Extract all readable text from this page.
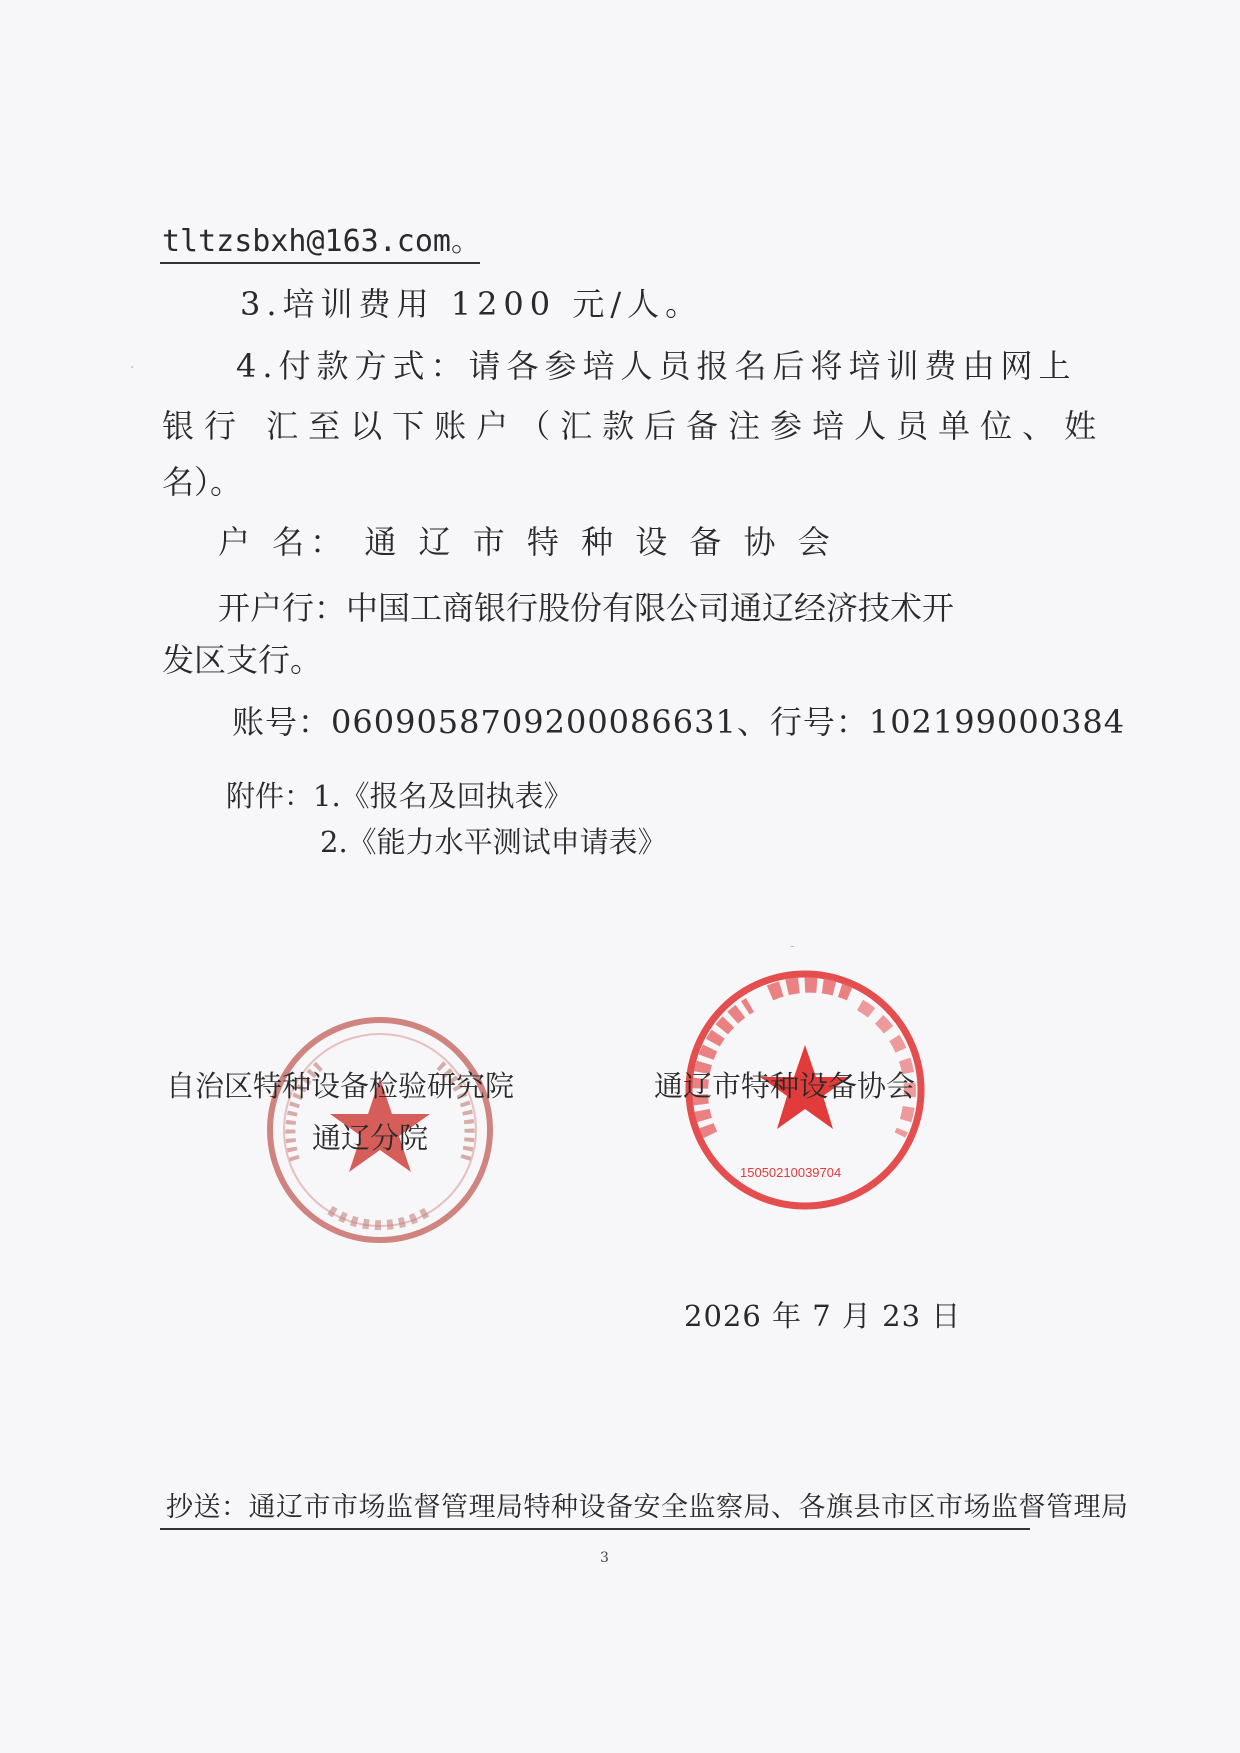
·
-
tltzsbxh@163.com。
3.培训费用 1200 元/人。
4.付款方式：请各参培人员报名后将培训费由网上
银行 汇至以下账户（汇款后备注参培人员单位、姓
名）。
户 名： 通 辽 市 特 种 设 备 协 会
开户行：中国工商银行股份有限公司通辽经济技术开
发区支行。
账号：0609058709200086631、行号：102199000384
附件：1.《报名及回执表》
2.《能力水平测试申请表》
15050210039704
自治区特种设备检验研究院
通辽分院
通辽市特种设备协会
2026 年 7 月 23 日
抄送：通辽市市场监督管理局特种设备安全监察局、各旗县市区市场监督管理局
3
